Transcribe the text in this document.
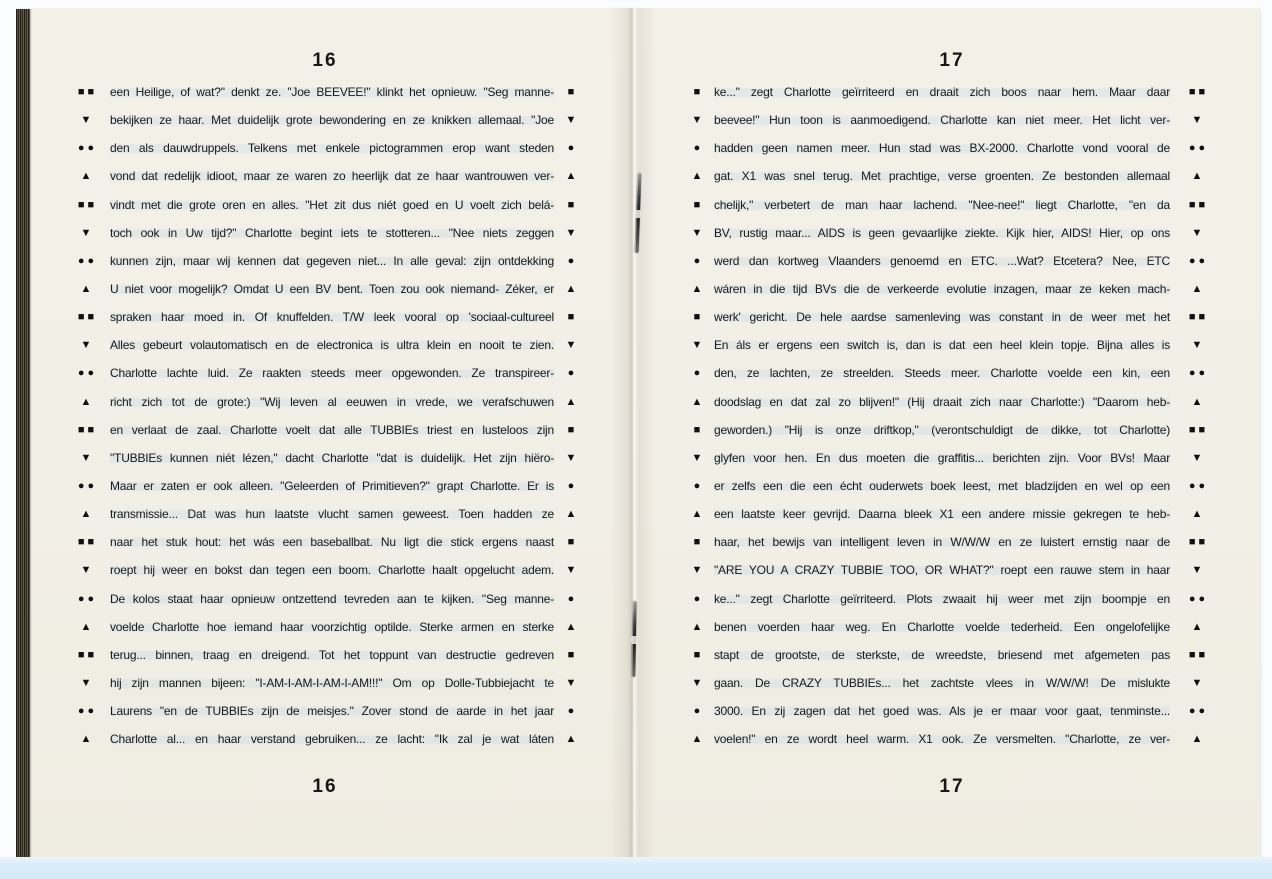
16
■■ een Heilige, of wat?" denkt ze. "Joe BEEVEE!" klinkt het opnieuw. "Seg manne-	■
▼	bekijken ze haar. Met duidelijk grote bewondering en ze knikken allemaal. "Joe ▼
●● den als dauwdruppels. Telkens met enkele pictogrammen erop want steden	●
▲	vond dat redelijk idioot, maar ze waren zo heerlijk dat ze haar wantrouwen ver- ▲
■■ vindt met die grote oren en alles. "Het zit dus niét goed en U voelt zich belá-	■
▼	toch ook in Uw tijd?" Charlotte begint iets te stotteren... "Nee niets zeggen ▼
●● kunnen zijn, maar wij kennen dat gegeven niet... In alle geval: zijn ontdekking	●
▲	U niet voor mogelijk? Omdat U een BV bent. Toen zou ook niemand- Zéker, er ▲
■■ spraken haar moed in. Of knuffelden. T/W leek vooral op 'sociaal-cultureel	■
▼	Alles gebeurt volautomatisch en de electronica is ultra klein en nooit te zien. ▼
●● Charlotte lachte luid. Ze raakten steeds meer opgewonden. Ze transpireer-	●
▲	richt zich tot de grote:) "Wij leven al eeuwen in vrede, we verafschuwen ▲
■■ en verlaat de zaal. Charlotte voelt dat alle TUBBIEs triest en lusteloos zijn	■
▼	"TUBBIEs kunnen niét lézen," dacht Charlotte "dat is duidelijk. Het zijn hiëro- ▼
●● Maar er zaten er ook alleen. "Geleerden of Primitieven?" grapt Charlotte. Er is	●
▲	transmissie... Dat was hun laatste vlucht samen geweest. Toen hadden ze ▲
■■ naar het stuk hout: het wás een baseballbat. Nu ligt die stick ergens naast	■
▼	roept hij weer en bokst dan tegen een boom. Charlotte haalt opgelucht adem. ▼
●● De kolos staat haar opnieuw ontzettend tevreden aan te kijken. "Seg manne-	●
▲	voelde Charlotte hoe iemand haar voorzichtig optilde. Sterke armen en sterke ▲
■■ terug... binnen, traag en dreigend. Tot het toppunt van destructie gedreven	■
▼	hij zijn mannen bijeen: "I-AM-I-AM-I-AM-I-AM!!!" Om op Dolle-Tubbiejacht te ▼
●● Laurens "en de TUBBIEs zijn de meisjes." Zover stond de aarde in het jaar	●
▲	Charlotte al... en haar verstand gebruiken... ze lacht: "Ik zal je wat láten ▲
16
17
■■
ke..." zegt Charlotte geïrriteerd en draait zich boos naar hem. Maar daar
■
▼
beevee!" Hun toon is aanmoedigend. Charlotte kan niet meer. Het licht ver-
▼
●●
hadden geen namen meer. Hun stad was BX-2000. Charlotte vond vooral de
●
▲
gat. X1 was snel terug. Met prachtige, verse groenten. Ze bestonden allemaal
▲
■■
chelijk," verbetert de man haar lachend. "Nee-nee!" liegt Charlotte, "en da
■
▼
BV, rustig maar... AIDS is geen gevaarlijke ziekte. Kijk hier, AIDS! Hier, op ons
▼
●●
werd dan kortweg Vlaanders genoemd en ETC. ...Wat? Etcetera? Nee, ETC
●
▲
wáren in die tijd BVs die de verkeerde evolutie inzagen, maar ze keken mach-
▲
■■
werk' gericht. De hele aardse samenleving was constant in de weer met het
■
▼
En áls er ergens een switch is, dan is dat een heel klein topje. Bijna alles is
▼
●●
den, ze lachten, ze streelden. Steeds meer. Charlotte voelde een kin, een
●
▲
doodslag en dat zal zo blijven!" (Hij draait zich naar Charlotte:) "Daarom heb-
▲
■■
geworden.) "Hij is onze driftkop," (verontschuldigt de dikke, tot Charlotte)
■
▼
glyfen voor hen. En dus moeten die graffitis... berichten zijn. Voor BVs! Maar
▼
●●
er zelfs een die een écht ouderwets boek leest, met bladzijden en wel op een
●
▲
een laatste keer gevrijd. Daarna bleek X1 een andere missie gekregen te heb-
▲
■■
haar, het bewijs van intelligent leven in W/W/W en ze luistert ernstig naar de
■
▼
"ARE YOU A CRAZY TUBBIE TOO, OR WHAT?" roept een rauwe stem in haar
▼
●●
ke..." zegt Charlotte geïrriteerd. Plots zwaait hij weer met zijn boompje en
●
▲
benen voerden haar weg. En Charlotte voelde tederheid. Een ongelofelijke
▲
■■
stapt de grootste, de sterkste, de wreedste, briesend met afgemeten pas
■
▼
gaan. De CRAZY TUBBIEs... het zachtste vlees in W/W/W! De mislukte
▼
●●
3000. En zij zagen dat het goed was. Als je er maar voor gaat, tenminste...
●
▲
voelen!" en ze wordt heel warm. X1 ook. Ze versmelten. "Charlotte, ze ver-
▲
17
